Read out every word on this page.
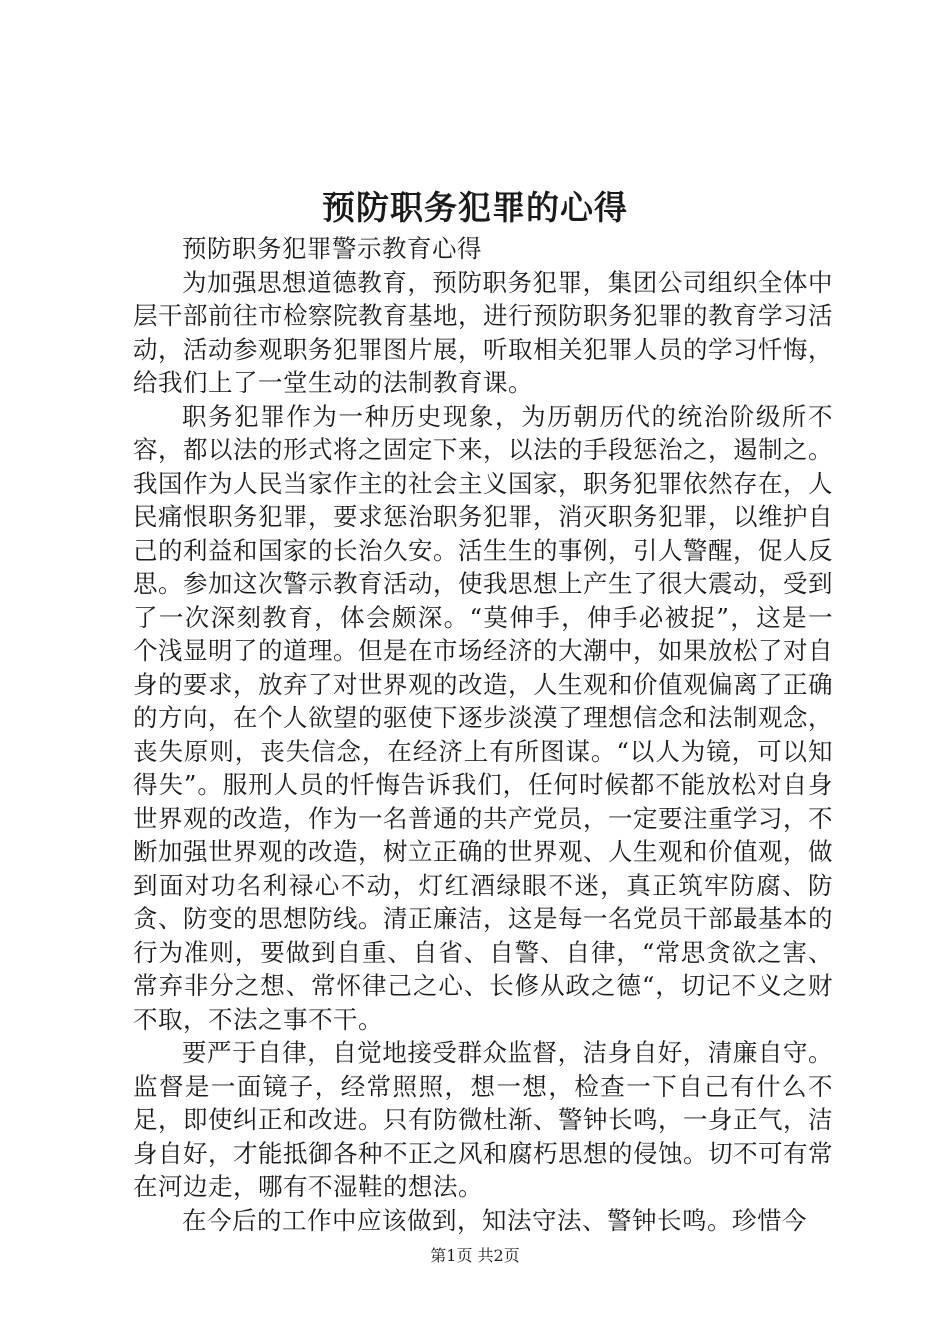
预防职务犯罪的心得

预防职务犯罪警示教育心得

为加强思想道德教育，预防职务犯罪，集团公司组织全体中层干部前往市检察院教育基地，进行预防职务犯罪的教育学习活动，活动参观职务犯罪图片展，听取相关犯罪人员的学习忏悔，给我们上了一堂生动的法制教育课。

职务犯罪作为一种历史现象，为历朝历代的统治阶级所不容，都以法的形式将之固定下来，以法的手段惩治之，遏制之。我国作为人民当家作主的社会主义国家，职务犯罪依然存在，人民痛恨职务犯罪，要求惩治职务犯罪，消灭职务犯罪，以维护自己的利益和国家的长治久安。活生生的事例，引人警醒，促人反思。参加这次警示教育活动，使我思想上产生了很大震动，受到了一次深刻教育，体会颇深。“莫伸手，伸手必被捉”，这是一个浅显明了的道理。但是在市场经济的大潮中，如果放松了对自身的要求，放弃了对世界观的改造，人生观和价值观偏离了正确的方向，在个人欲望的驱使下逐步淡漠了理想信念和法制观念，丧失原则，丧失信念，在经济上有所图谋。“以人为镜，可以知得失”。服刑人员的忏悔告诉我们，任何时候都不能放松对自身世界观的改造，作为一名普通的共产党员，一定要注重学习，不断加强世界观的改造，树立正确的世界观、人生观和价值观，做到面对功名利禄心不动，灯红酒绿眼不迷，真正筑牢防腐、防贪、防变的思想防线。清正廉洁，这是每一名党员干部最基本的行为准则，要做到自重、自省、自警、自律，“常思贪欲之害、常弃非分之想、常怀律己之心、长修从政之德“，切记不义之财不取，不法之事不干。

要严于自律，自觉地接受群众监督，洁身自好，清廉自守。监督是一面镜子，经常照照，想一想，检查一下自己有什么不足，即使纠正和改进。只有防微杜渐、警钟长鸣，一身正气，洁身自好，才能抵御各种不正之风和腐朽思想的侵蚀。切不可有常在河边走，哪有不湿鞋的想法。

在今后的工作中应该做到，知法守法、警钟长鸣。珍惜今

第1页 共2页
